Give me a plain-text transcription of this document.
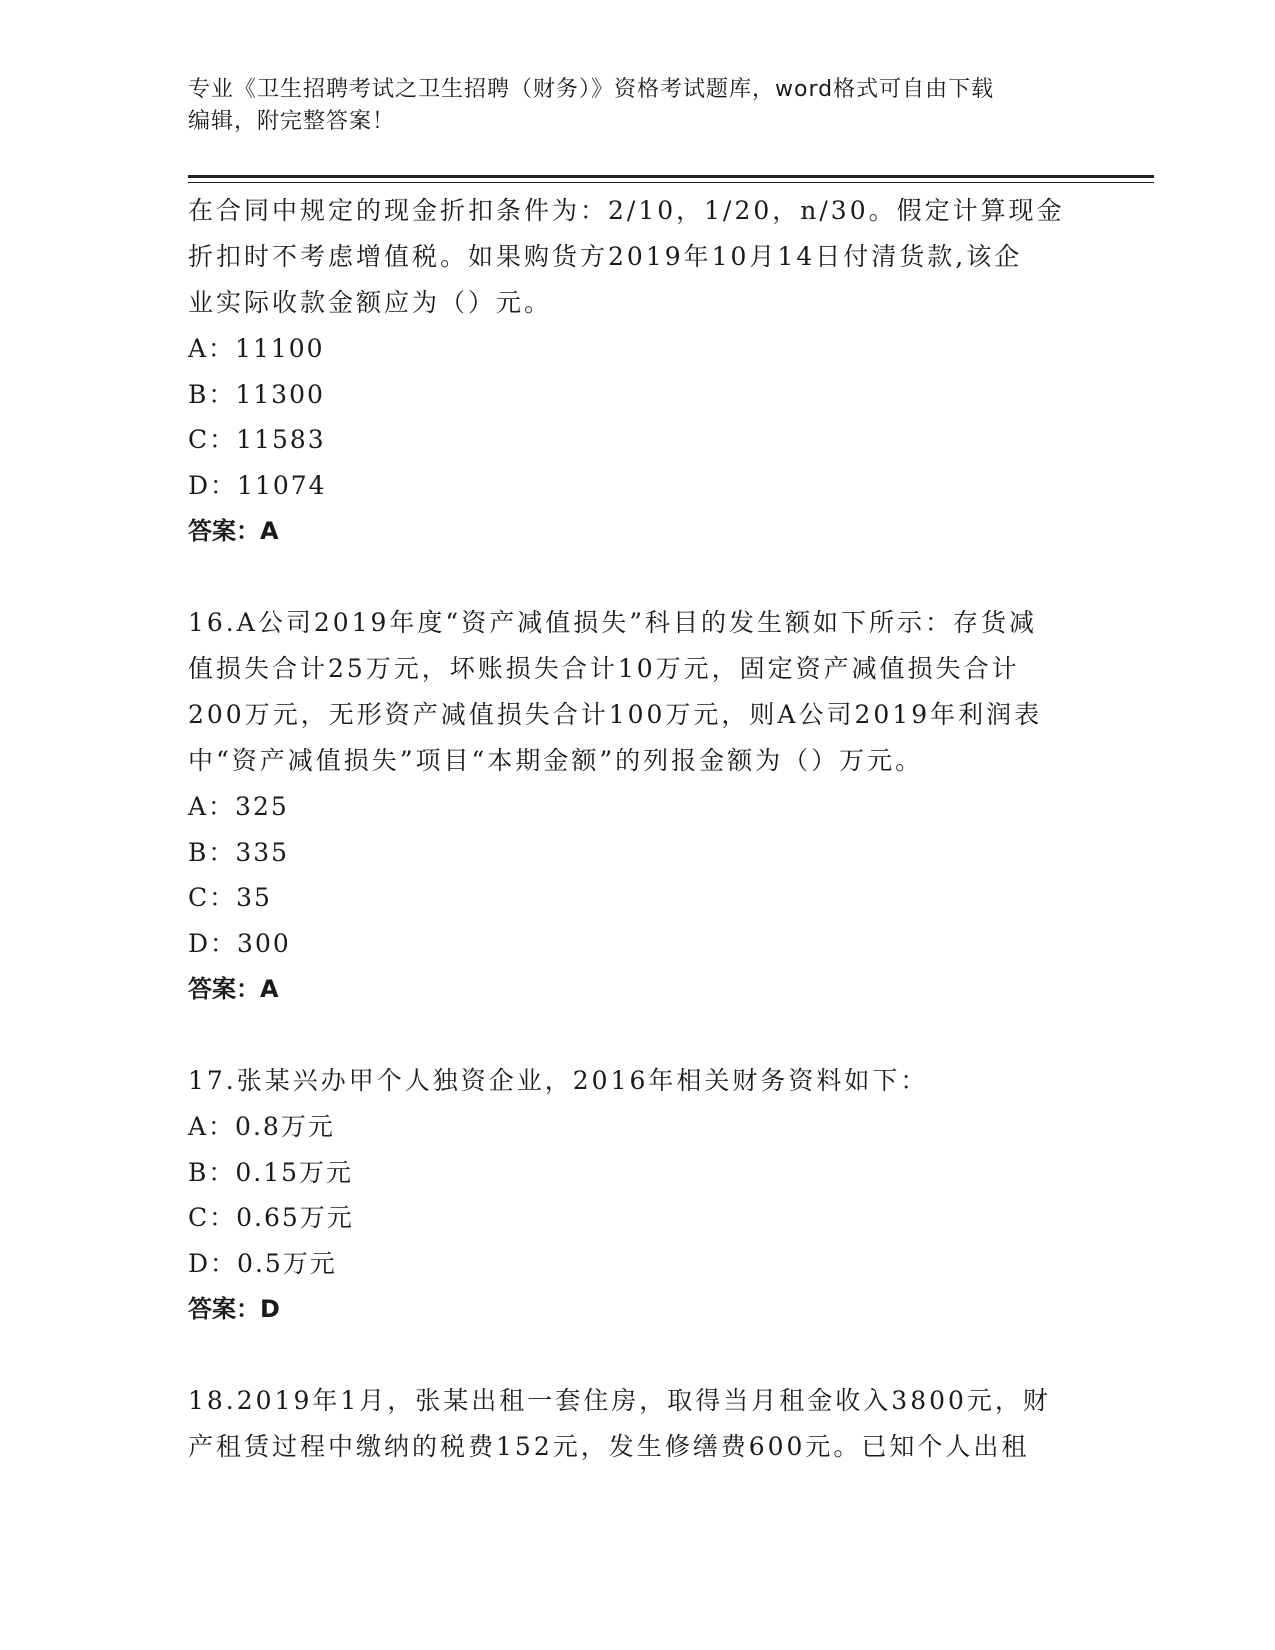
专业《卫生招聘考试之卫生招聘（财务）》资格考试题库，word格式可自由下载
编辑，附完整答案！

在合同中规定的现金折扣条件为：2/10，1/20，n/30。假定计算现金

折扣时不考虑增值税。如果购货方2019年10月14日付清货款,该企

业实际收款金额应为（）元。

A：11100

B：11300

C：11583

D：11074

答案：A

16.A公司2019年度“资产减值损失”科目的发生额如下所示：存货减

值损失合计25万元，坏账损失合计10万元，固定资产减值损失合计

200万元，无形资产减值损失合计100万元，则A公司2019年利润表

中“资产减值损失”项目“本期金额”的列报金额为（）万元。

A：325

B：335

C：35

D：300

答案：A

17.张某兴办甲个人独资企业，2016年相关财务资料如下：

A：0.8万元

B：0.15万元

C：0.65万元

D：0.5万元

答案：D

18.2019年1月，张某出租一套住房，取得当月租金收入3800元，财

产租赁过程中缴纳的税费152元，发生修缮费600元。已知个人出租
